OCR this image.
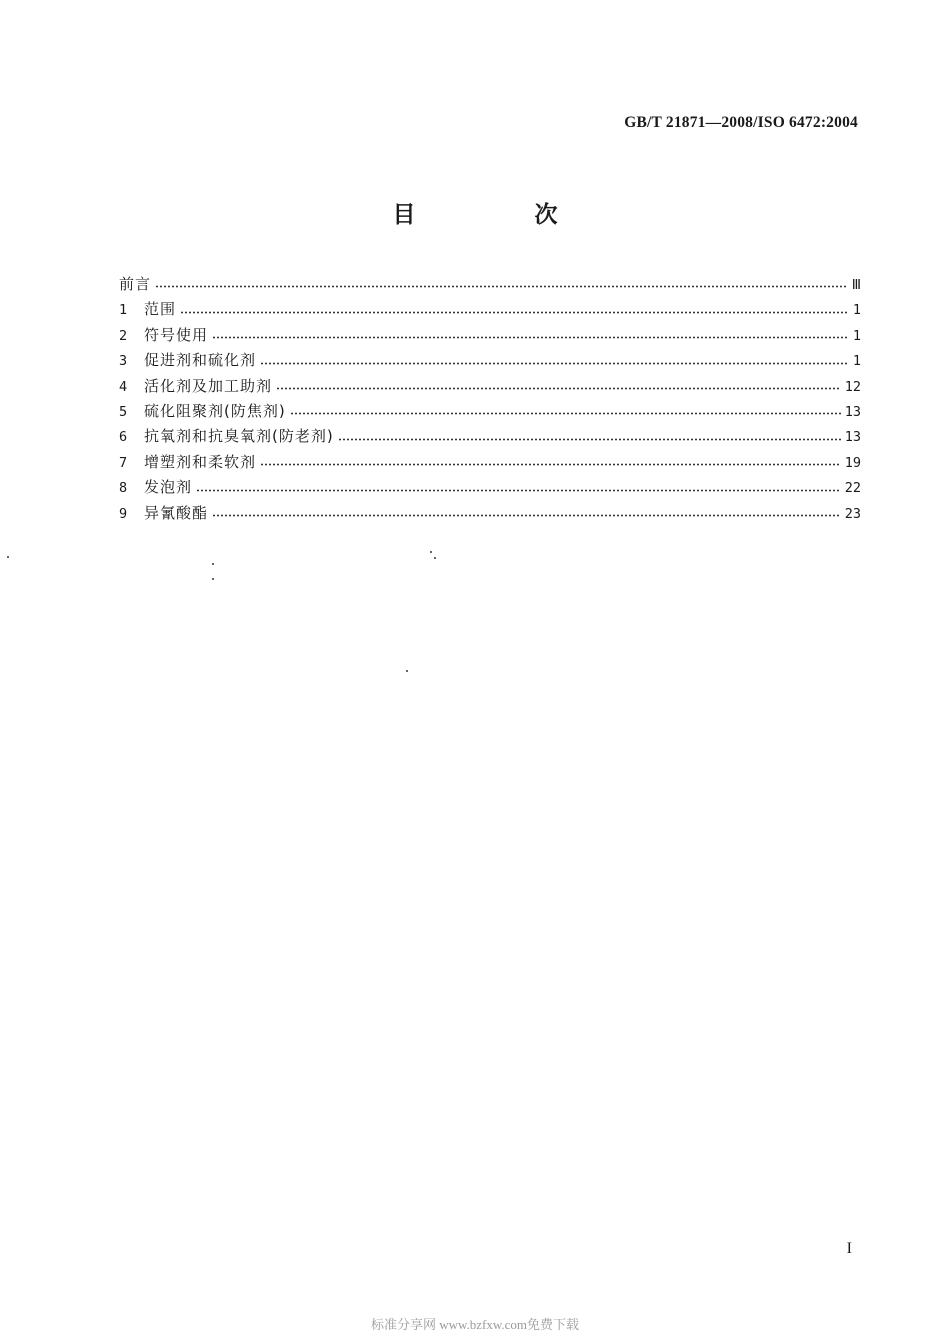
GB/T 21871—2008/ISO 6472:2004
目　次
前言	Ⅲ
1	范围	1
2	符号使用	1
3	促进剂和硫化剂	1
4	活化剂及加工助剂	12
5	硫化阻聚剂(防焦剂)	13
6	抗氧剂和抗臭氧剂(防老剂)	13
7	增塑剂和柔软剂	19
8	发泡剂	22
9	异氰酸酯	23
I
标准分享网 www.bzfxw.com免费下载
